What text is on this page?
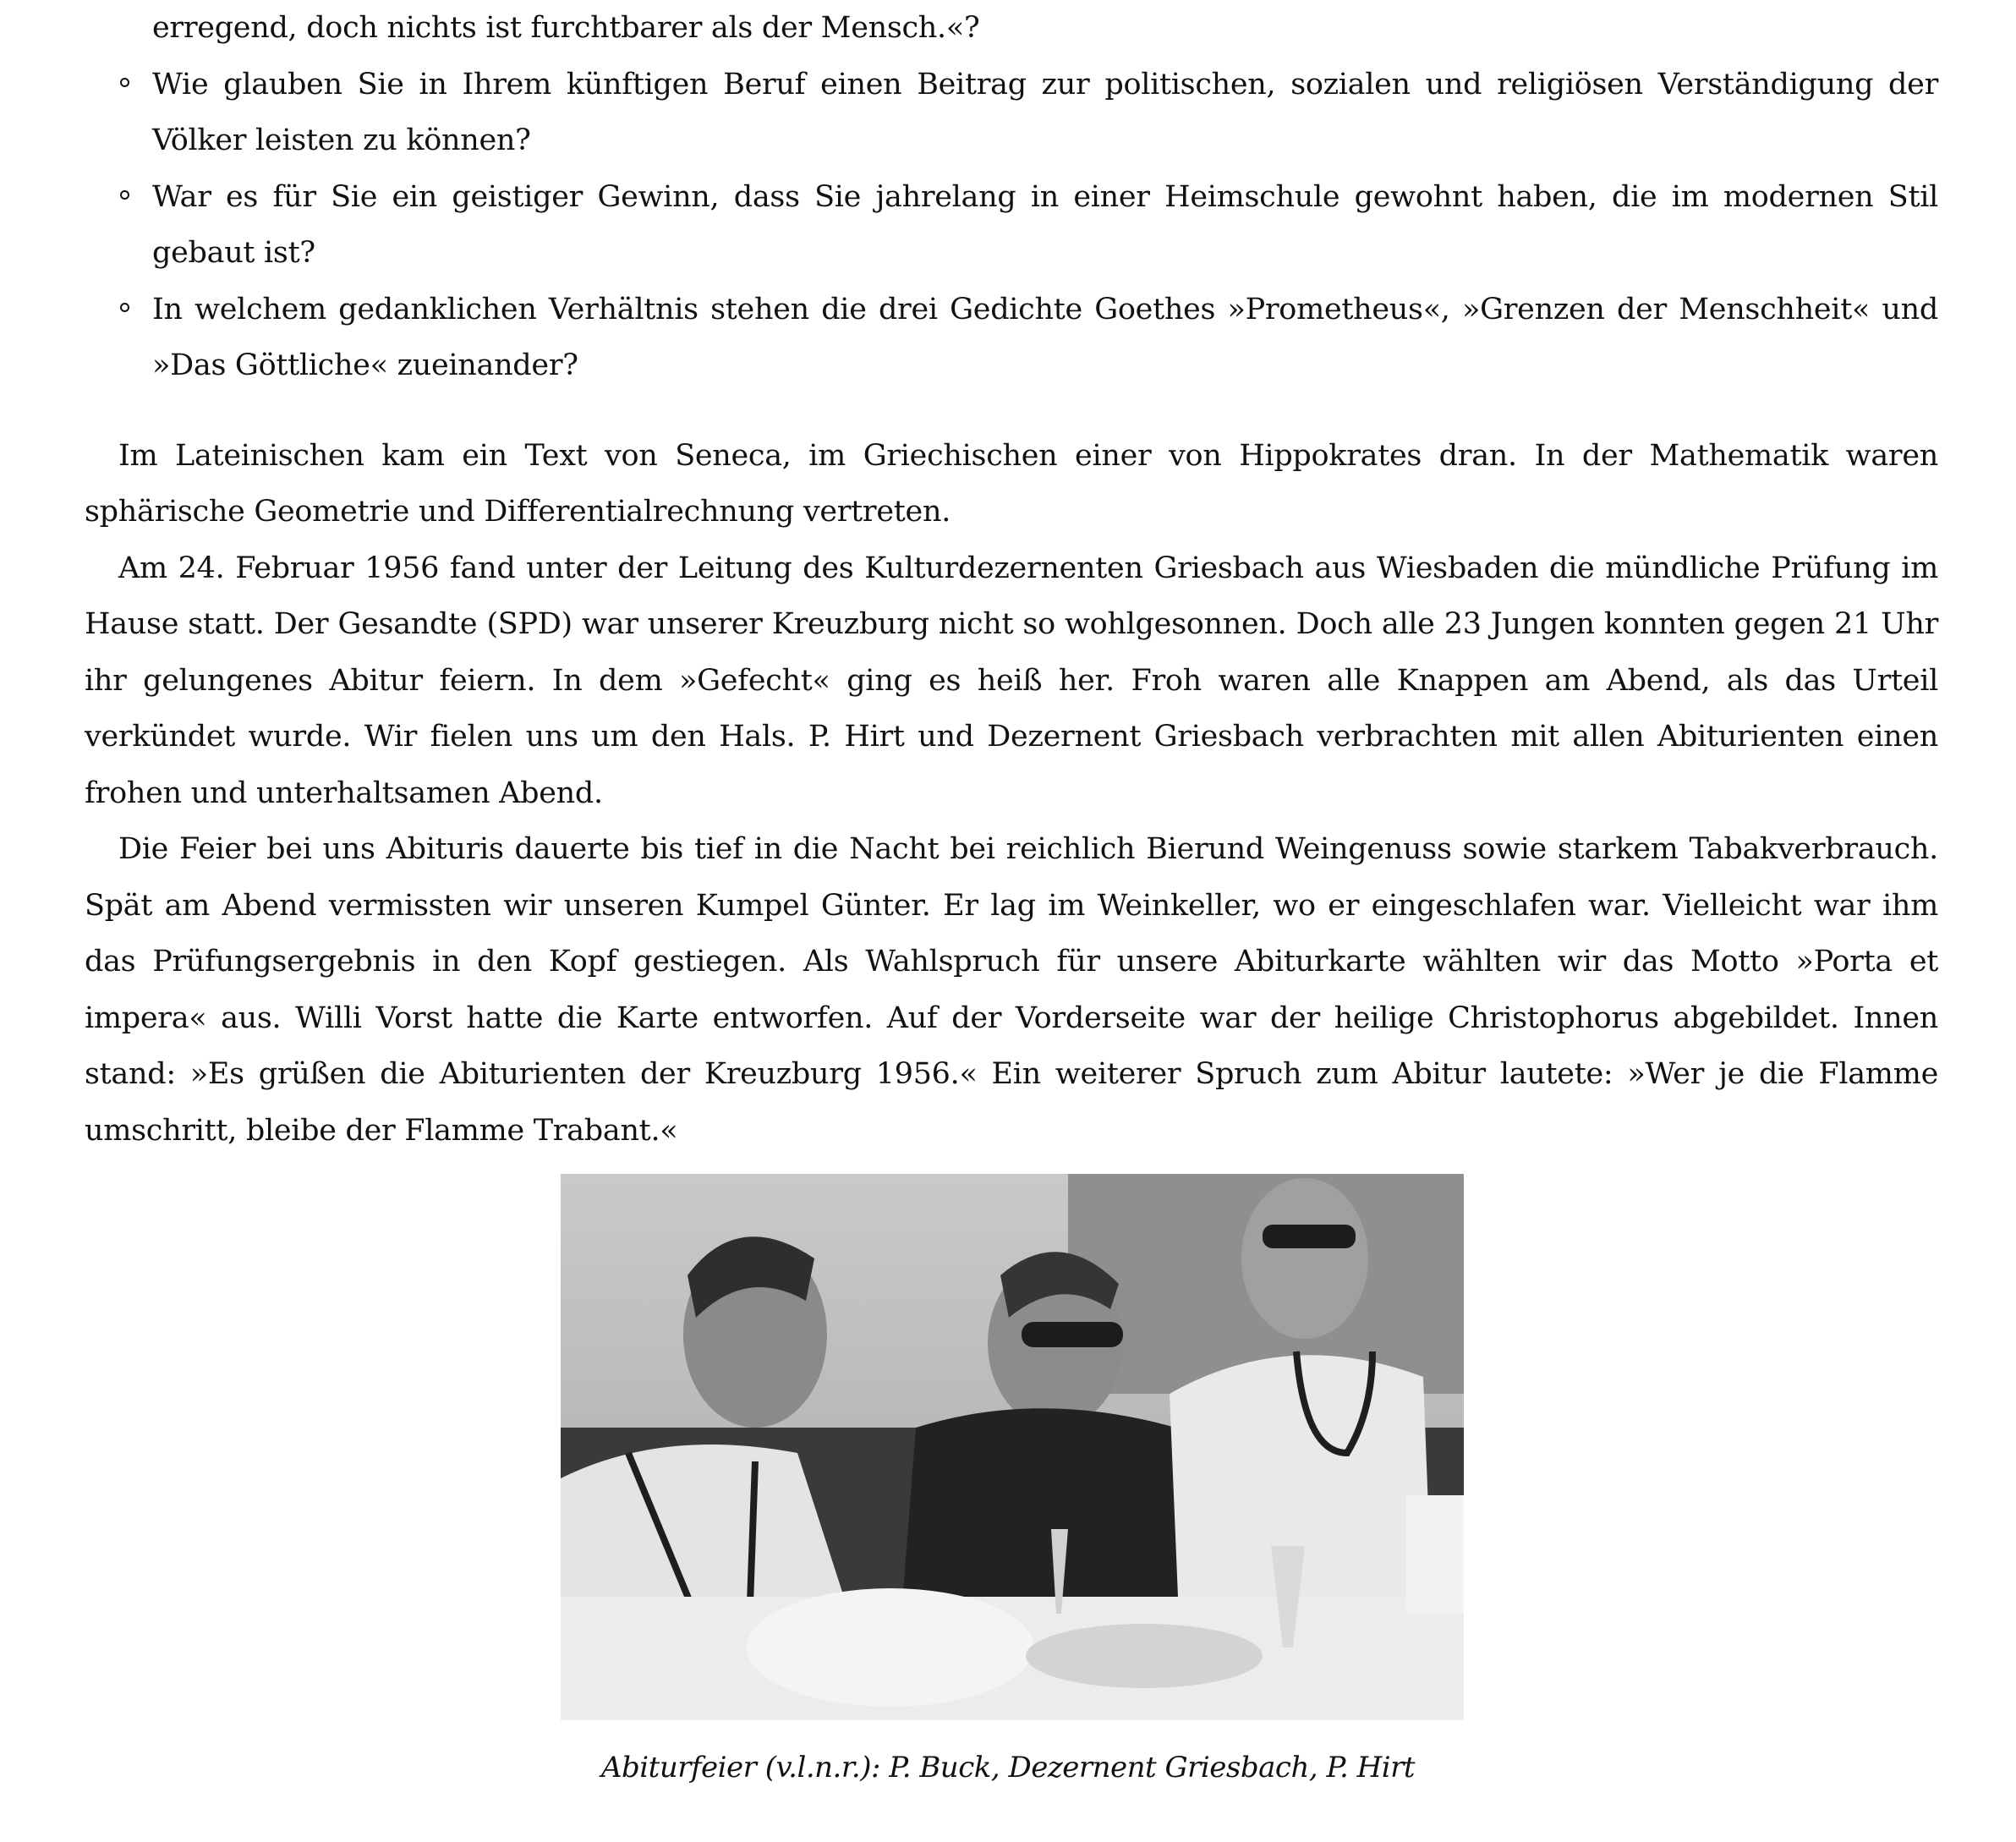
erregend, doch nichts ist furchtbarer als der Mensch.«?
Wie glauben Sie in Ihrem künftigen Beruf einen Beitrag zur politischen, sozialen und religiösen Verständigung der Völker leisten zu können?
War es für Sie ein geistiger Gewinn, dass Sie jahrelang in einer Heimschule gewohnt haben, die im modernen Stil gebaut ist?
In welchem gedanklichen Verhältnis stehen die drei Gedichte Goethes »Prometheus«, »Grenzen der Menschheit« und »Das Göttliche« zueinander?

Im Lateinischen kam ein Text von Seneca, im Griechischen einer von Hippokrates dran. In der Mathematik waren sphärische Geometrie und Differentialrechnung vertreten.

Am 24. Februar 1956 fand unter der Leitung des Kulturdezernenten Griesbach aus Wiesbaden die mündliche Prüfung im Hause statt. Der Gesandte (SPD) war unserer Kreuzburg nicht so wohlgesonnen. Doch alle 23 Jungen konnten gegen 21 Uhr ihr gelungenes Abitur feiern. In dem »Gefecht« ging es heiß her. Froh waren alle Knappen am Abend, als das Urteil verkündet wurde. Wir fielen uns um den Hals. P. Hirt und Dezernent Griesbach verbrachten mit allen Abiturienten einen frohen und unterhaltsamen Abend.

Die Feier bei uns Abituris dauerte bis tief in die Nacht bei reichlich Bierund Weingenuss sowie starkem Tabakverbrauch. Spät am Abend vermissten wir unseren Kumpel Günter. Er lag im Weinkeller, wo er eingeschlafen war. Vielleicht war ihm das Prüfungsergebnis in den Kopf gestiegen. Als Wahlspruch für unsere Abiturkarte wählten wir das Motto »Porta et impera« aus. Willi Vorst hatte die Karte entworfen. Auf der Vorderseite war der heilige Christophorus abgebildet. Innen stand: »Es grüßen die Abiturienten der Kreuzburg 1956.« Ein weiterer Spruch zum Abitur lautete: »Wer je die Flamme umschritt, bleibe der Flamme Trabant.«

Abiturfeier (v.l.n.r.): P. Buck, Dezernent Griesbach, P. Hirt
